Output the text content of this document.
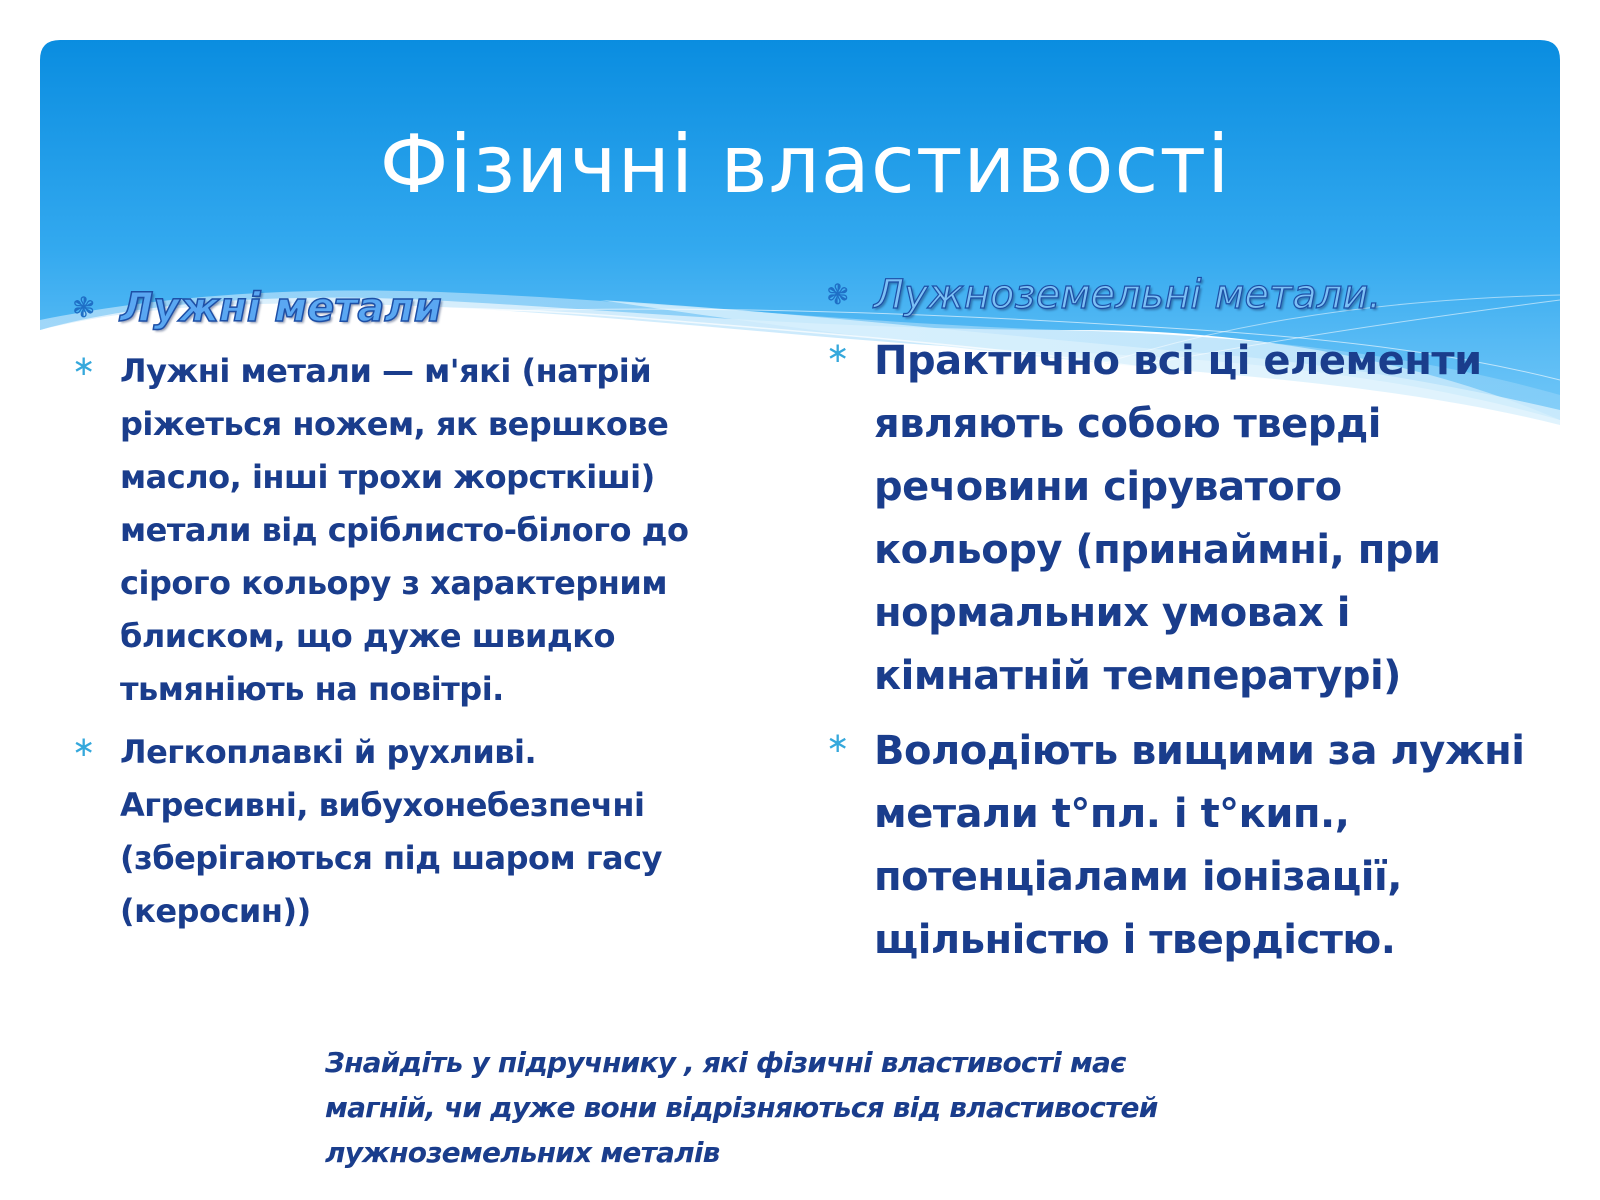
Фізичні властивості
❃ Лужні метали
∗ Лужні метали — м'які (натрій ріжеться ножем, як вершкове масло, інші трохи жорсткіші) метали від сріблисто-білого до сірого кольору з характерним блиском, що дуже швидко тьмяніють на повітрі.
∗ Легкоплавкі й рухливі. Агресивні, вибухонебезпечні (зберігаються під шаром гасу (керосин))
❃ Лужноземельні метали.
∗ Практично всі ці елементи являють собою тверді речовини сіруватого кольору (принаймні, при нормальних умовах і кімнатній температурі)
∗ Володіють вищими за лужні метали t°пл. і t°кип., потенціалами іонізації, щільністю і твердістю.
Знайдіть у підручнику , які фізичні властивості має
магній, чи дуже вони відрізняються від властивостей
лужноземельних металів
